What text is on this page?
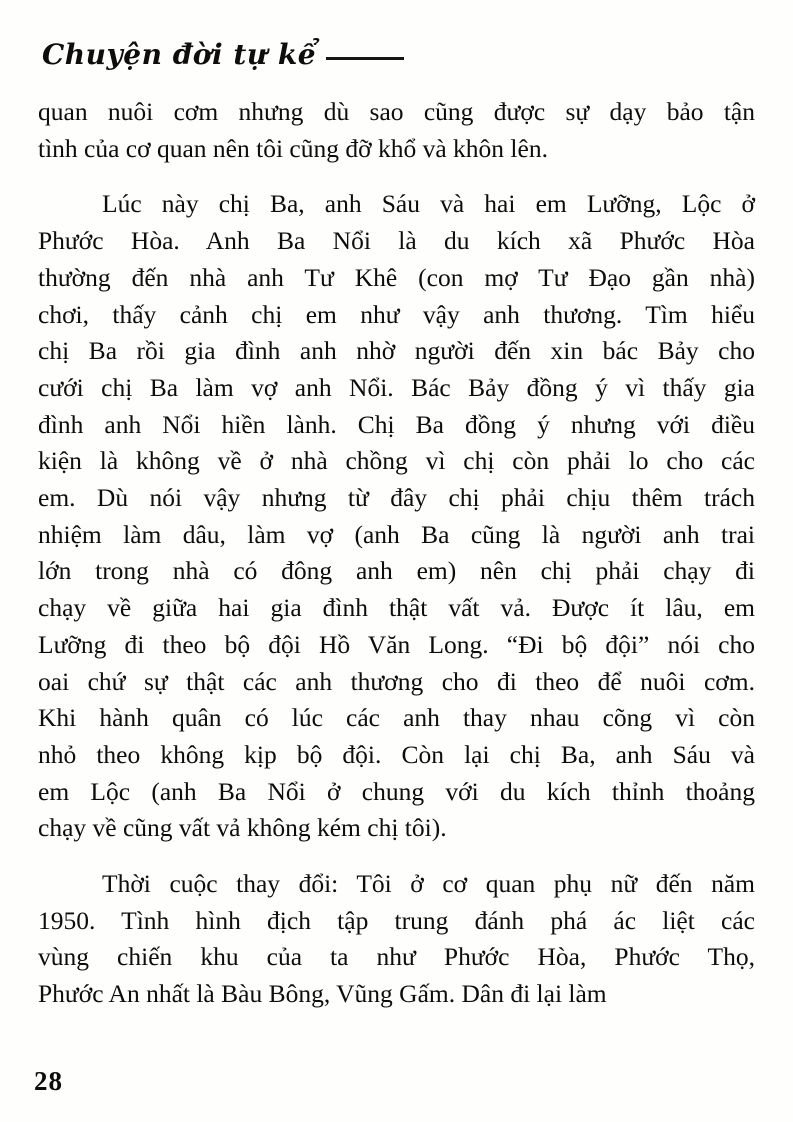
Chuyện đời tự kể
quan nuôi cơm nhưng dù sao cũng được sự dạy bảo tận
tình của cơ quan nên tôi cũng đỡ khổ và khôn lên.
Lúc này chị Ba, anh Sáu và hai em Lưỡng, Lộc ở
Phước Hòa. Anh Ba Nổi là du kích xã Phước Hòa
thường đến nhà anh Tư Khê (con mợ Tư Đạo gần nhà)
chơi, thấy cảnh chị em như vậy anh thương. Tìm hiểu
chị Ba rồi gia đình anh nhờ người đến xin bác Bảy cho
cưới chị Ba làm vợ anh Nổi. Bác Bảy đồng ý vì thấy gia
đình anh Nổi hiền lành. Chị Ba đồng ý nhưng với điều
kiện là không về ở nhà chồng vì chị còn phải lo cho các
em. Dù nói vậy nhưng từ đây chị phải chịu thêm trách
nhiệm làm dâu, làm vợ (anh Ba cũng là người anh trai
lớn trong nhà có đông anh em) nên chị phải chạy đi
chạy về giữa hai gia đình thật vất vả. Được ít lâu, em
Lưỡng đi theo bộ đội Hồ Văn Long. “Đi bộ đội” nói cho
oai chứ sự thật các anh thương cho đi theo để nuôi cơm.
Khi hành quân có lúc các anh thay nhau cõng vì còn
nhỏ theo không kịp bộ đội. Còn lại chị Ba, anh Sáu và
em Lộc (anh Ba Nổi ở chung với du kích thỉnh thoảng
chạy về cũng vất vả không kém chị tôi).
Thời cuộc thay đổi: Tôi ở cơ quan phụ nữ đến năm
1950. Tình hình địch tập trung đánh phá ác liệt các
vùng chiến khu của ta như Phước Hòa, Phước Thọ,
Phước An nhất là Bàu Bông, Vũng Gấm. Dân đi lại làm
28
